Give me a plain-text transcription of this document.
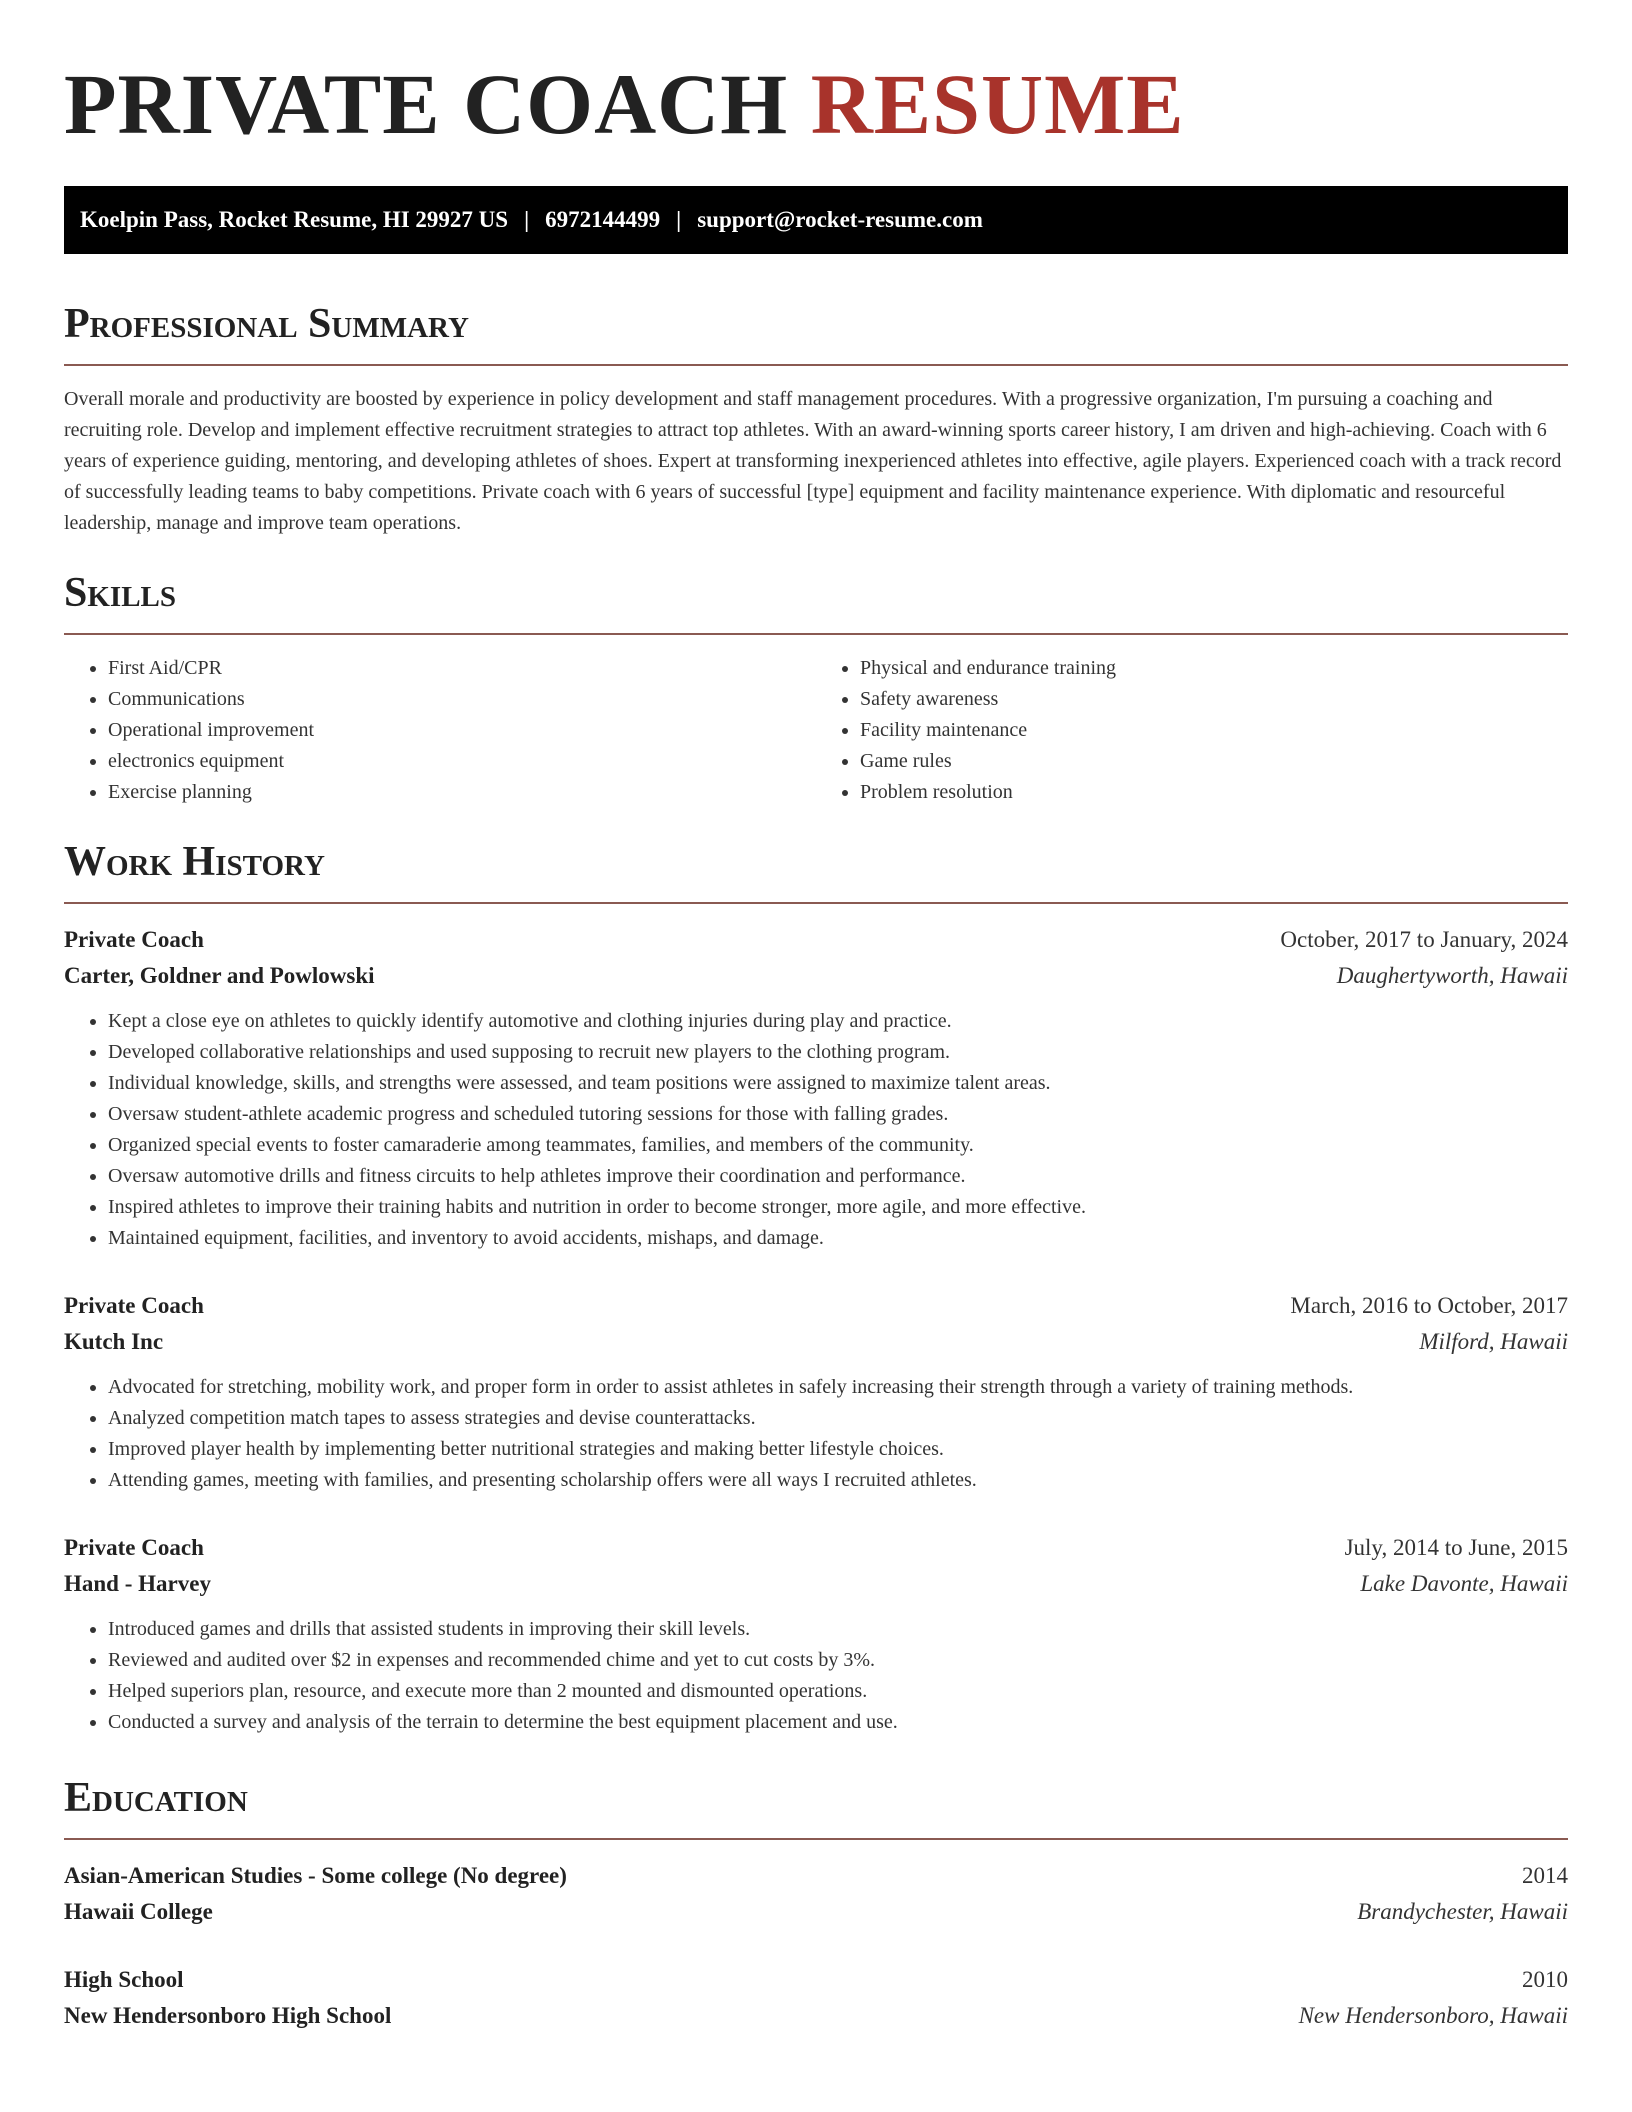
PRIVATE COACH RESUME
Koelpin Pass, Rocket Resume, HI 29927 US | 6972144499 | support@rocket-resume.com
Professional Summary

Overall morale and productivity are boosted by experience in policy development and staff management procedures. With a progressive organization, I'm pursuing a coaching and recruiting role. Develop and implement effective recruitment strategies to attract top athletes. With an award-winning sports career history, I am driven and high-achieving. Coach with 6 years of experience guiding, mentoring, and developing athletes of shoes. Expert at transforming inexperienced athletes into effective, agile players. Experienced coach with a track record of successfully leading teams to baby competitions. Private coach with 6 years of successful [type] equipment and facility maintenance experience. With diplomatic and resourceful leadership, manage and improve team operations.

Skills
• First Aid/CPR
• Communications
• Operational improvement
• electronics equipment
• Exercise planning
• Physical and endurance training
• Safety awareness
• Facility maintenance
• Game rules
• Problem resolution
Work History
Private Coach	October, 2017 to January, 2024
Carter, Goldner and Powlowski	Daughertyworth, Hawaii
• Kept a close eye on athletes to quickly identify automotive and clothing injuries during play and practice.
• Developed collaborative relationships and used supposing to recruit new players to the clothing program.
• Individual knowledge, skills, and strengths were assessed, and team positions were assigned to maximize talent areas.
• Oversaw student-athlete academic progress and scheduled tutoring sessions for those with falling grades.
• Organized special events to foster camaraderie among teammates, families, and members of the community.
• Oversaw automotive drills and fitness circuits to help athletes improve their coordination and performance.
• Inspired athletes to improve their training habits and nutrition in order to become stronger, more agile, and more effective.
• Maintained equipment, facilities, and inventory to avoid accidents, mishaps, and damage.
Private Coach	March, 2016 to October, 2017
Kutch Inc	Milford, Hawaii
• Advocated for stretching, mobility work, and proper form in order to assist athletes in safely increasing their strength through a variety of training methods.
• Analyzed competition match tapes to assess strategies and devise counterattacks.
• Improved player health by implementing better nutritional strategies and making better lifestyle choices.
• Attending games, meeting with families, and presenting scholarship offers were all ways I recruited athletes.
Private Coach	July, 2014 to June, 2015
Hand - Harvey	Lake Davonte, Hawaii
• Introduced games and drills that assisted students in improving their skill levels.
• Reviewed and audited over $2 in expenses and recommended chime and yet to cut costs by 3%.
• Helped superiors plan, resource, and execute more than 2 mounted and dismounted operations.
• Conducted a survey and analysis of the terrain to determine the best equipment placement and use.
Education
Asian-American Studies - Some college (No degree)	2014
Hawaii College	Brandychester, Hawaii
High School	2010
New Hendersonboro High School	New Hendersonboro, Hawaii
